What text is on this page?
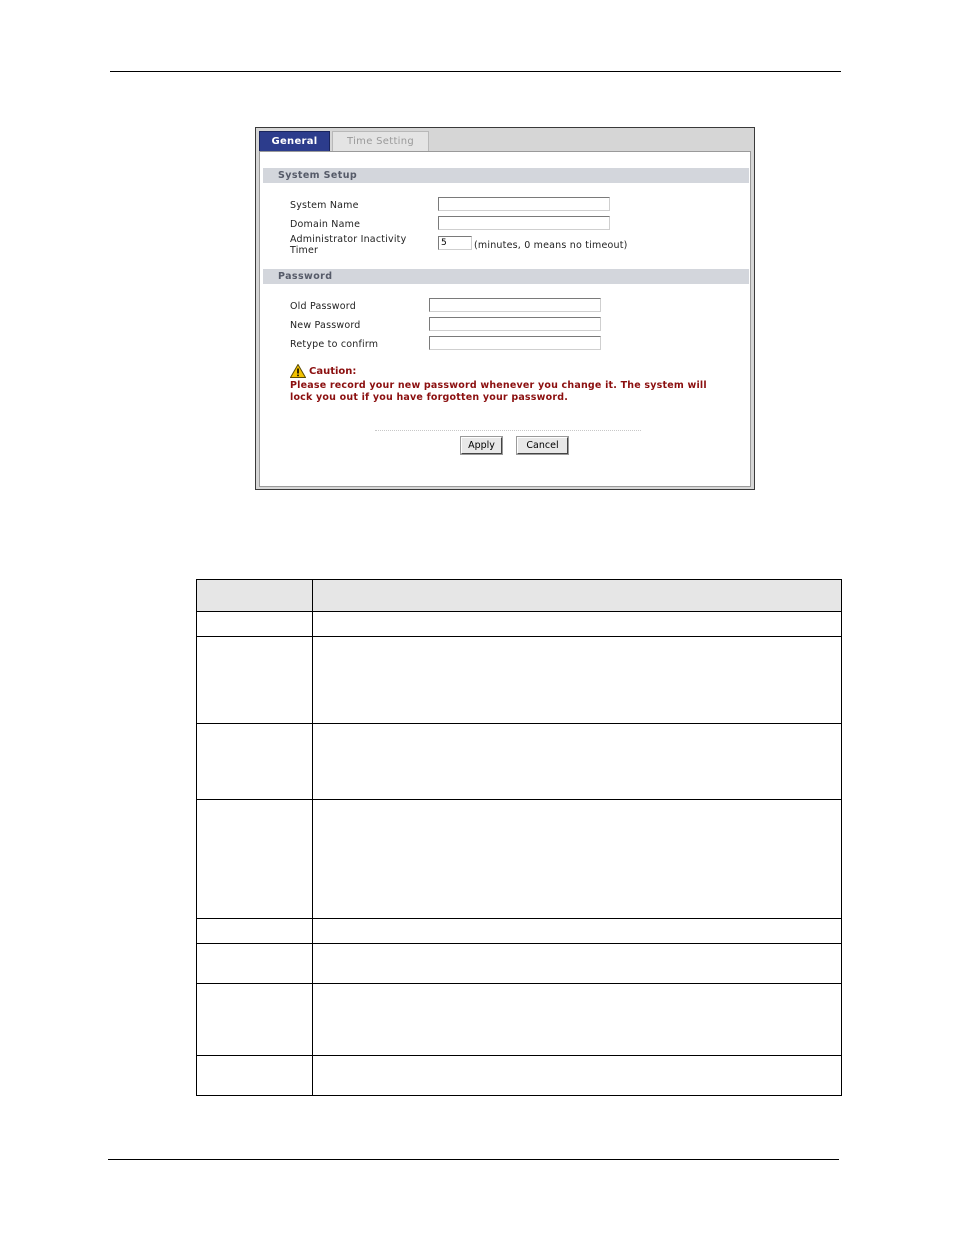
General	Time Setting
System Setup
System Name
Domain Name
Administrator Inactivity
Timer
5	(minutes, 0 means no timeout)
Password
Old Password
New Password
Retype to confirm
Caution:
Please record your new password whenever you change it. The system will
lock you out if you have forgotten your password.
Apply	Cancel
